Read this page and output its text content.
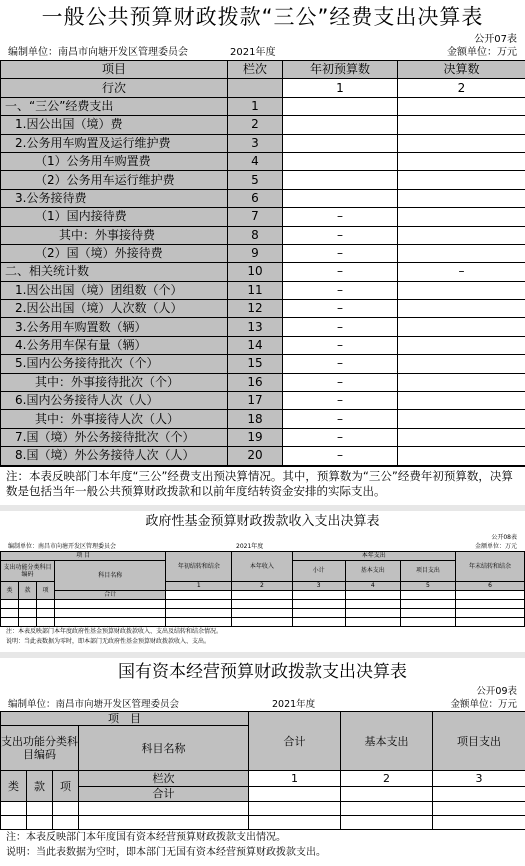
一般公共预算财政拨款“三公”经费支出决算表
公开07表
编制单位：南昌市向塘开发区管理委员会	2021年度	金额单位：万元
项目	栏次	年初预算数	决算数
行次		1	2
一、“三公”经费支出	1		
1.因公出国（境）费	2		
2.公务用车购置及运行维护费	3		
（1）公务用车购置费	4		
（2）公务用车运行维护费	5		
3.公务接待费	6		
（1）国内接待费	7	–	
其中：外事接待费	8	–	
（2）国（境）外接待费	9	–	
二、相关统计数	10	–	–
1.因公出国（境）团组数（个）	11	–	
2.因公出国（境）人次数（人）	12	–	
3.公务用车购置数（辆）	13	–	
4.公务用车保有量（辆）	14	–	
5.国内公务接待批次（个）	15	–	
其中：外事接待批次（个）	16	–	
6.国内公务接待人次（人）	17	–	
其中：外事接待人次（人）	18	–	
7.国（境）外公务接待批次（个）	19	–	
8.国（境）外公务接待人次（人）	20	–	
注：本表反映部门本年度“三公”经费支出预决算情况。其中，预算数为“三公”经费年初预算数，决算数是包括当年一般公共预算财政拨款和以前年度结转资金安排的实际支出。
政府性基金预算财政拨款收入支出决算表
公开08表
编制单位：南昌市向塘开发区管理委员会	2021年度	金额单位：万元
项 目				年初结转和结余	本年收入	本年支出			年末结转和结余
支出功能分类科目编码			科目名称			小计	基本支出	项目支出	

类	款	项		1	2	3	4	5	6
			合计						

注：本表反映部门本年度政府性基金预算财政拨款收入、支出及结转和结余情况。
说明：当此表数据为零时，即本部门无政府性基金预算财政拨款收入、支出。
国有资本经营预算财政拨款支出决算表
公开09表
编制单位：南昌市向塘开发区管理委员会	2021年度	金额单位：万元
项　目				合计	基本支出	项目支出
支出功能分类科目编码			科目名称			

类	款	项	栏次	1	2	3
			合计			

注：本表反映部门本年度国有资本经营预算财政拨款支出情况。
说明：当此表数据为空时，即本部门无国有资本经营预算财政拨款支出。
